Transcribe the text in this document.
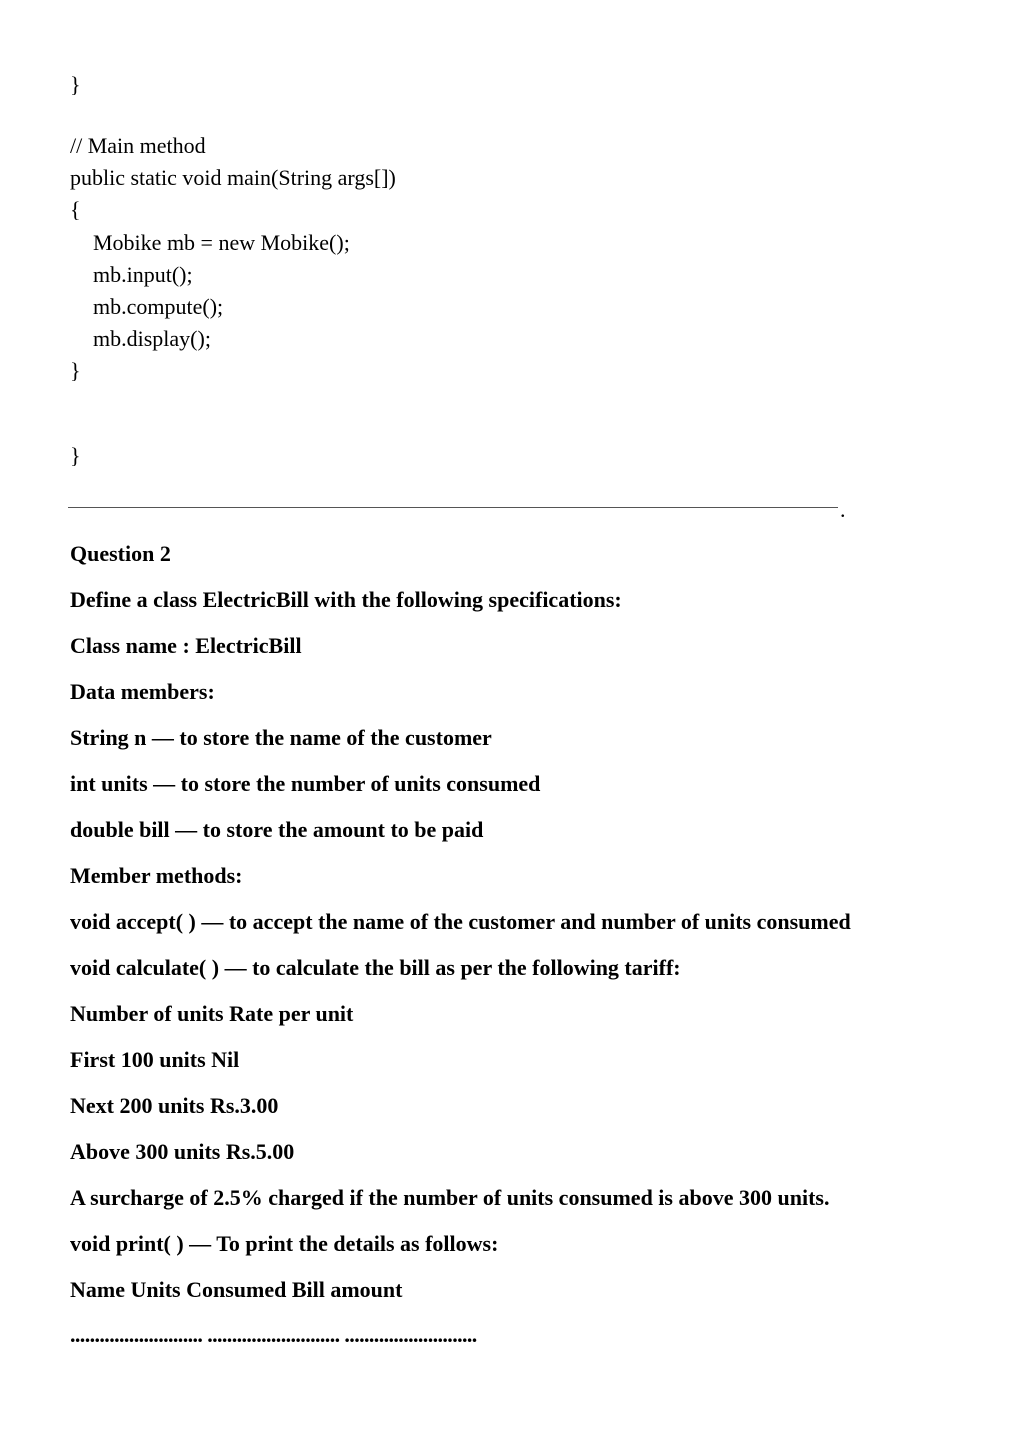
}
// Main method
public static void main(String args[])
{
Mobike mb = new Mobike();
mb.input();
mb.compute();
mb.display();
}
}
.
Question 2
Define a class ElectricBill with the following specifications:
Class name : ElectricBill
Data members:
String n — to store the name of the customer
int units — to store the number of units consumed
double bill — to store the amount to be paid
Member methods:
void accept( ) — to accept the name of the customer and number of units consumed
void calculate( ) — to calculate the bill as per the following tariff:
Number of units Rate per unit
First 100 units Nil
Next 200 units Rs.3.00
Above 300 units Rs.5.00
A surcharge of 2.5% charged if the number of units consumed is above 300 units.
void print( ) — To print the details as follows:
Name Units Consumed Bill amount
........................... ........................... ...........................
